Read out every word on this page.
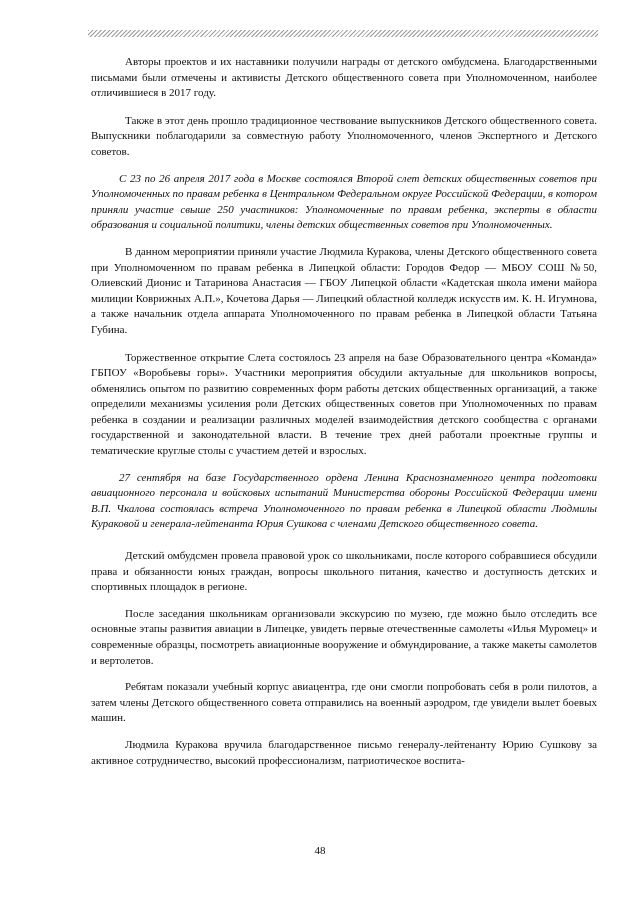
Авторы проектов и их наставники получили награды от детского омбудсмена. Благодарственными письмами были отмечены и активисты Детского общественного совета при Уполномоченном, наиболее отличившиеся в 2017 году.

Также в этот день прошло традиционное чествование выпускников Детского общественного совета. Выпускники поблагодарили за совместную работу Уполномоченного, членов Экспертного и Детского советов.

С 23 по 26 апреля 2017 года в Москве состоялся Второй слет детских общественных советов при Уполномоченных по правам ребенка в Центральном Федеральном округе Российской Федерации, в котором приняли участие свыше 250 участников: Уполномоченные по правам ребенка, эксперты в области образования и социальной политики, члены детских общественных советов при Уполномоченных.

В данном мероприятии приняли участие Людмила Куракова, члены Детского общественного совета при Уполномоченном по правам ребенка в Липецкой области: Городов Федор — МБОУ СОШ №50, Олиевский Дионис и Татаринова Анастасия — ГБОУ Липецкой области «Кадетская школа имени майора милиции Коврижных А.П.», Кочетова Дарья — Липецкий областной колледж искусств им. К. Н. Игумнова, а также начальник отдела аппарата Уполномоченного по правам ребенка в Липецкой области Татьяна Губина.

Торжественное открытие Слета состоялось 23 апреля на базе Образовательного центра «Команда» ГБПОУ «Воробьевы горы». Участники мероприятия обсудили актуальные для школьников вопросы, обменялись опытом по развитию современных форм работы детских общественных организаций, а также определили механизмы усиления роли Детских общественных советов при Уполномоченных по правам ребенка в создании и реализации различных моделей взаимодействия детского сообщества с органами государственной и законодательной власти. В течение трех дней работали проектные группы и тематические круглые столы с участием детей и взрослых.

27 сентября на базе Государственного ордена Ленина Краснознаменного центра подготовки авиационного персонала и войсковых испытаний Министерства обороны Российской Федерации имени В.П. Чкалова состоялась встреча Уполномоченного по правам ребенка в Липецкой области Людмилы Кураковой и генерала-лейтенанта Юрия Сушкова с членами Детского общественного совета.

Детский омбудсмен провела правовой урок со школьниками, после которого собравшиеся обсудили права и обязанности юных граждан, вопросы школьного питания, качество и доступность детских и спортивных площадок в регионе.

После заседания школьникам организовали экскурсию по музею, где можно было отследить все основные этапы развития авиации в Липецке, увидеть первые отечественные самолеты «Илья Муромец» и современные образцы, посмотреть авиационные вооружение и обмундирование, а также макеты самолетов и вертолетов.

Ребятам показали учебный корпус авиацентра, где они смогли попробовать себя в роли пилотов, а затем члены Детского общественного совета отправились на военный аэродром, где увидели вылет боевых машин.

Людмила Куракова вручила благодарственное письмо генералу-лейтенанту Юрию Сушкову за активное сотрудничество, высокий профессионализм, патриотическое воспита-

48
